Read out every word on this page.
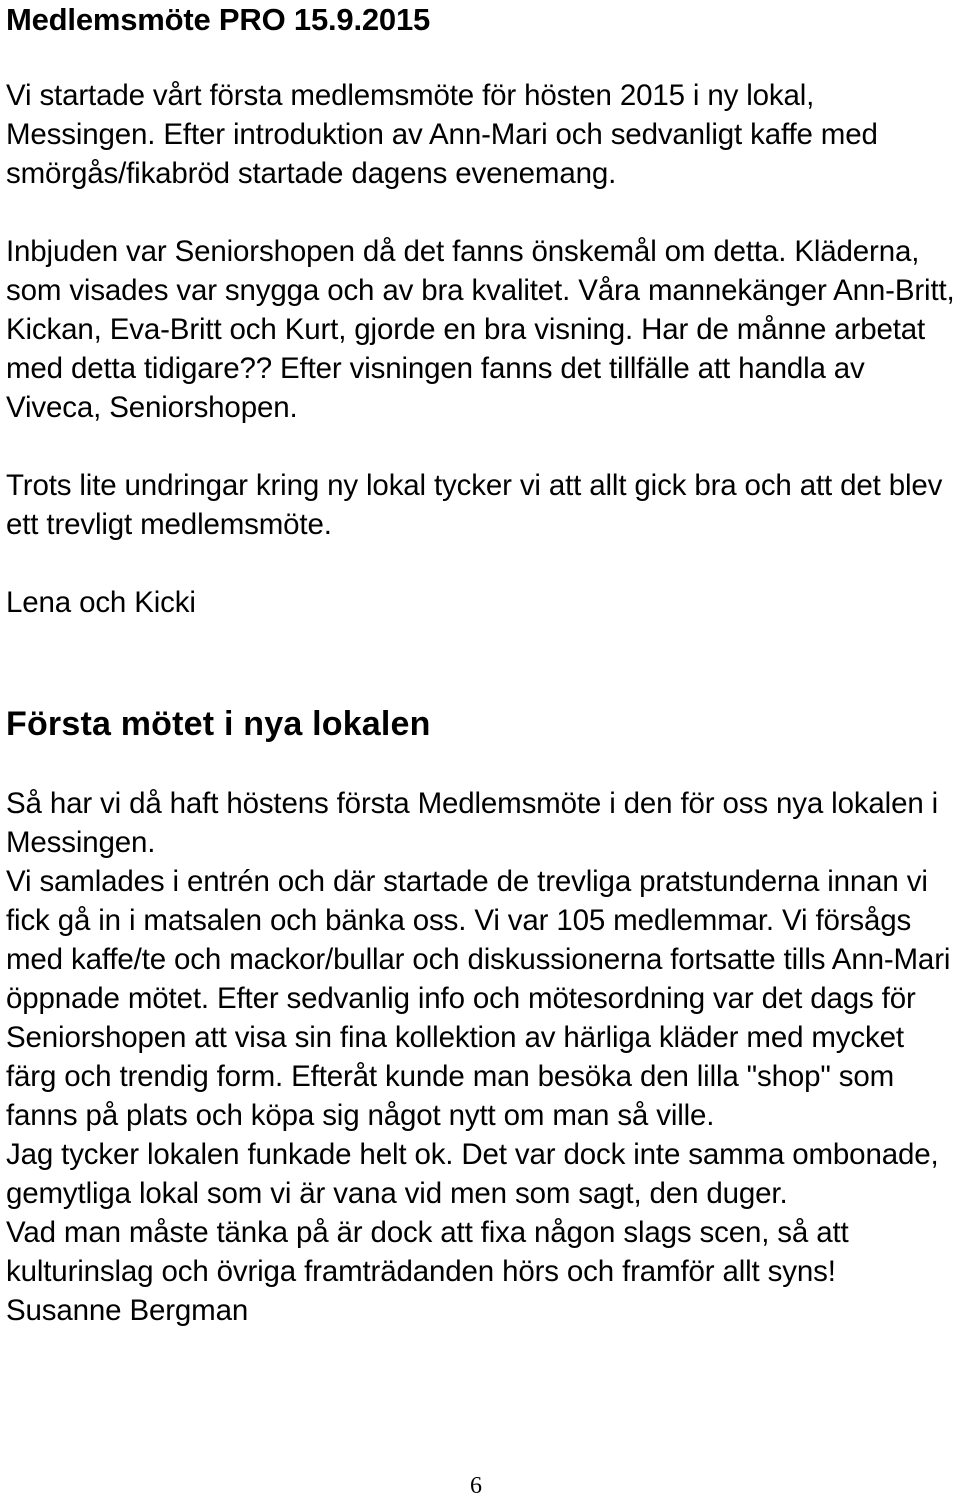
Medlemsmöte PRO 15.9.2015

Vi startade vårt första medlemsmöte för hösten 2015 i ny lokal, Messingen. Efter introduktion av Ann-Mari och sedvanligt kaffe med smörgås/fikabröd startade dagens evenemang.

Inbjuden var Seniorshopen då det fanns önskemål om detta. Kläderna, som visades var snygga och av bra kvalitet. Våra mannekänger Ann-Britt, Kickan, Eva-Britt och Kurt, gjorde en bra visning. Har de månne arbetat med detta tidigare?? Efter visningen fanns det tillfälle att handla av Viveca, Seniorshopen.

Trots lite undringar kring ny lokal tycker vi att allt gick bra och att det blev ett trevligt medlemsmöte.

Lena och Kicki

Första mötet i nya lokalen

Så har vi då haft höstens första Medlemsmöte i den för oss nya lokalen i Messingen.

Vi samlades i entrén och där startade de trevliga pratstunderna innan vi fick gå in i matsalen och bänka oss. Vi var 105 medlemmar. Vi försågs med kaffe/te och mackor/bullar och diskussionerna fortsatte tills Ann-Mari öppnade mötet. Efter sedvanlig info och mötesordning var det dags för Seniorshopen att visa sin fina kollektion av härliga kläder med mycket färg och trendig form. Efteråt kunde man besöka den lilla "shop" som fanns på plats och köpa sig något nytt om man så ville.

Jag tycker lokalen funkade helt ok. Det var dock inte samma ombonade, gemytliga lokal som vi är vana vid men som sagt, den duger.

Vad man måste tänka på är dock att fixa någon slags scen, så att kulturinslag och övriga framträdanden hörs och framför allt syns!

Susanne Bergman

6
